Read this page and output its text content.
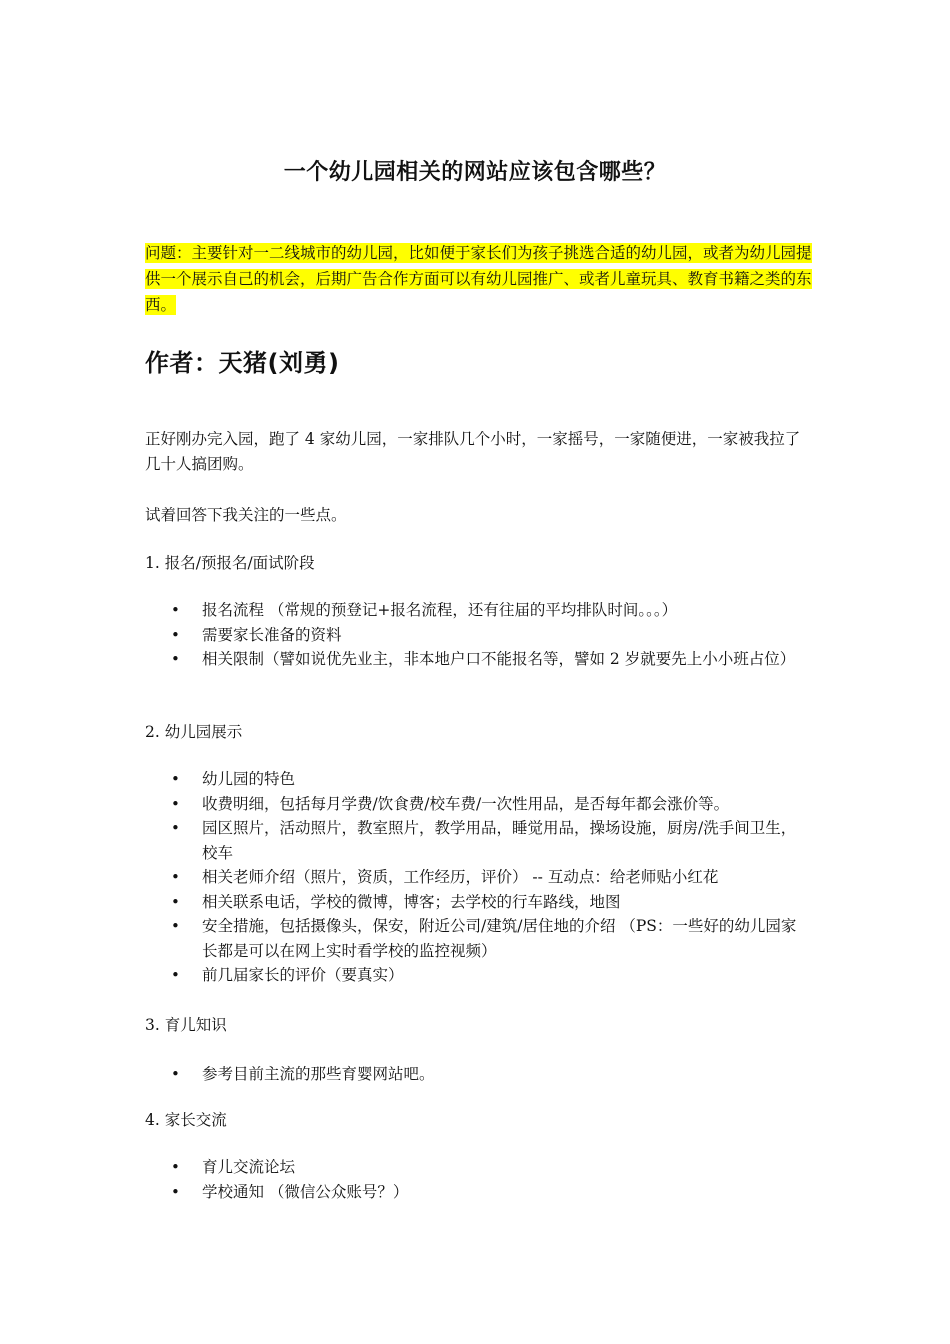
一个幼儿园相关的网站应该包含哪些？
问题：主要针对一二线城市的幼儿园，比如便于家长们为孩子挑选合适的幼儿园，或者为幼儿园提供一个展示自己的机会，后期广告合作方面可以有幼儿园推广、或者儿童玩具、教育书籍之类的东西。
作者：天猪(刘勇)
正好刚办完入园，跑了 4 家幼儿园，一家排队几个小时，一家摇号，一家随便进，一家被我拉了几十人搞团购。
试着回答下我关注的一些点。
1. 报名/预报名/面试阶段
• 报名流程 （常规的预登记+报名流程，还有往届的平均排队时间。。。）
• 需要家长准备的资料
• 相关限制（譬如说优先业主，非本地户口不能报名等，譬如 2 岁就要先上小小班占位）
2. 幼儿园展示
• 幼儿园的特色
• 收费明细，包括每月学费/饮食费/校车费/一次性用品，是否每年都会涨价等。
• 园区照片，活动照片，教室照片，教学用品，睡觉用品，操场设施，厨房/洗手间卫生，校车
• 相关老师介绍（照片，资质，工作经历，评价） -- 互动点：给老师贴小红花
• 相关联系电话，学校的微博，博客；去学校的行车路线，地图
• 安全措施，包括摄像头，保安，附近公司/建筑/居住地的介绍 （PS：一些好的幼儿园家长都是可以在网上实时看学校的监控视频）
• 前几届家长的评价（要真实）
3. 育儿知识
• 参考目前主流的那些育婴网站吧。
4. 家长交流
• 育儿交流论坛
• 学校通知 （微信公众账号？）
